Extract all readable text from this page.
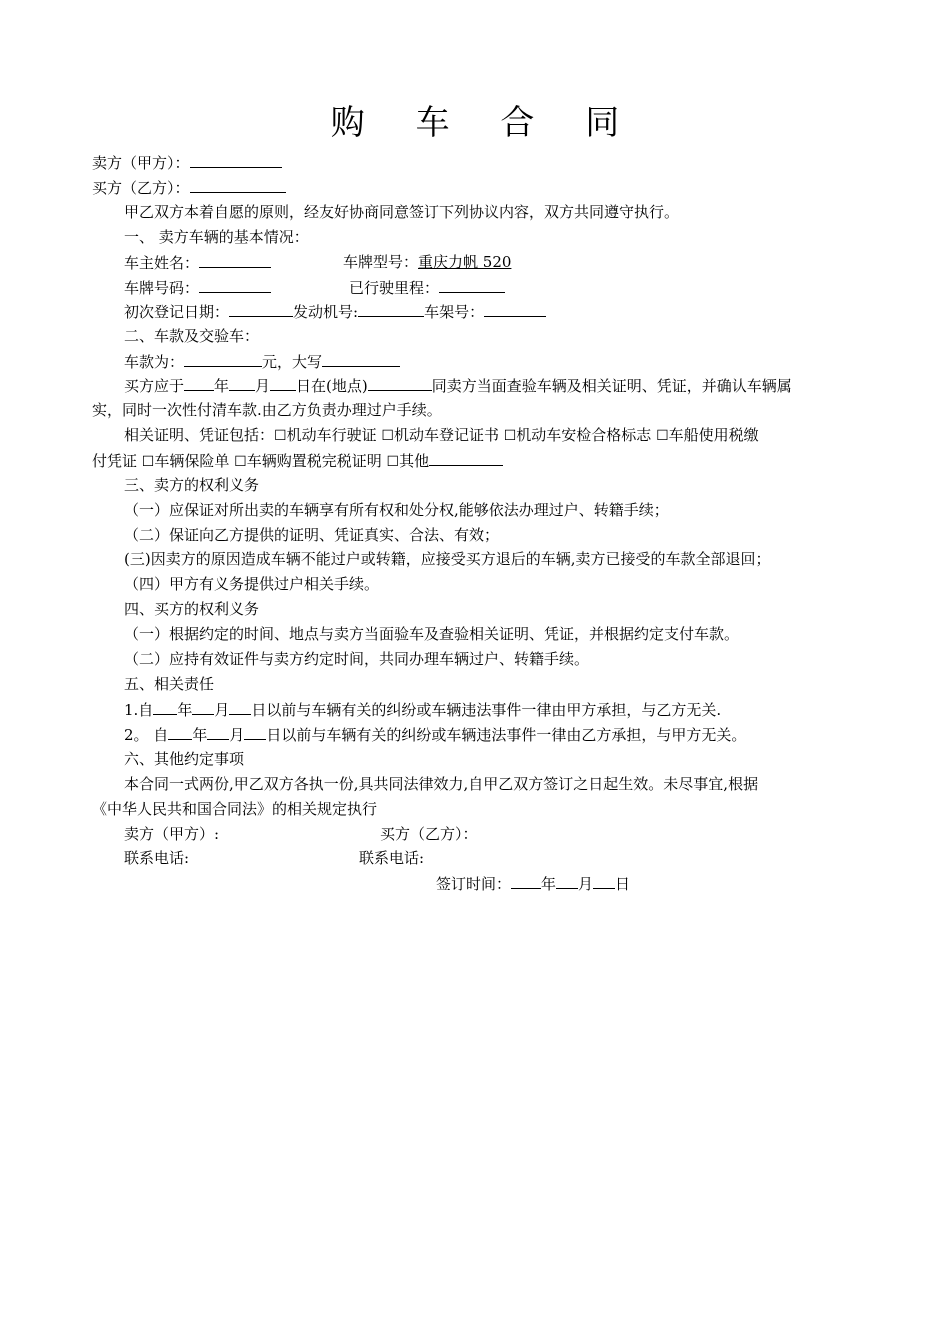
购 车 合 同
卖方（甲方）：
买方（乙方）：
甲乙双方本着自愿的原则，经友好协商同意签订下列协议内容，双方共同遵守执行。
一、 卖方车辆的基本情况：
车主姓名：	车牌型号：重庆力帆 520
车牌号码：	已行驶里程：
初次登记日期：	发动机号:	车架号：
二、车款及交验车：
车款为：	元，大写
买方应于 年 月 日在(地点)	同卖方当面查验车辆及相关证明、凭证，并确认车辆属
实，同时一次性付清车款.由乙方负责办理过户手续。
相关证明、凭证包括：☐机动车行驶证 ☐机动车登记证书 ☐机动车安检合格标志 ☐车船使用税缴
付凭证 ☐车辆保险单 ☐车辆购置税完税证明 ☐其他
三、卖方的权利义务
（一）应保证对所出卖的车辆享有所有权和处分权,能够依法办理过户、转籍手续；
（二）保证向乙方提供的证明、凭证真实、合法、有效；
(三)因卖方的原因造成车辆不能过户或转籍，应接受买方退后的车辆,卖方已接受的车款全部退回；
（四）甲方有义务提供过户相关手续。
四、买方的权利义务
（一）根据约定的时间、地点与卖方当面验车及查验相关证明、凭证，并根据约定支付车款。
（二）应持有效证件与卖方约定时间，共同办理车辆过户、转籍手续。
五、相关责任
1.自 年 月 日以前与车辆有关的纠纷或车辆违法事件一律由甲方承担，与乙方无关.
2。 自 年 月 日以前与车辆有关的纠纷或车辆违法事件一律由乙方承担，与甲方无关。
六、其他约定事项
本合同一式两份,甲乙双方各执一份,具共同法律效力,自甲乙双方签订之日起生效。未尽事宜,根据
《中华人民共和国合同法》的相关规定执行
卖方（甲方）:	买方（乙方）：
联系电话:	联系电话:
签订时间： 年 月 日
